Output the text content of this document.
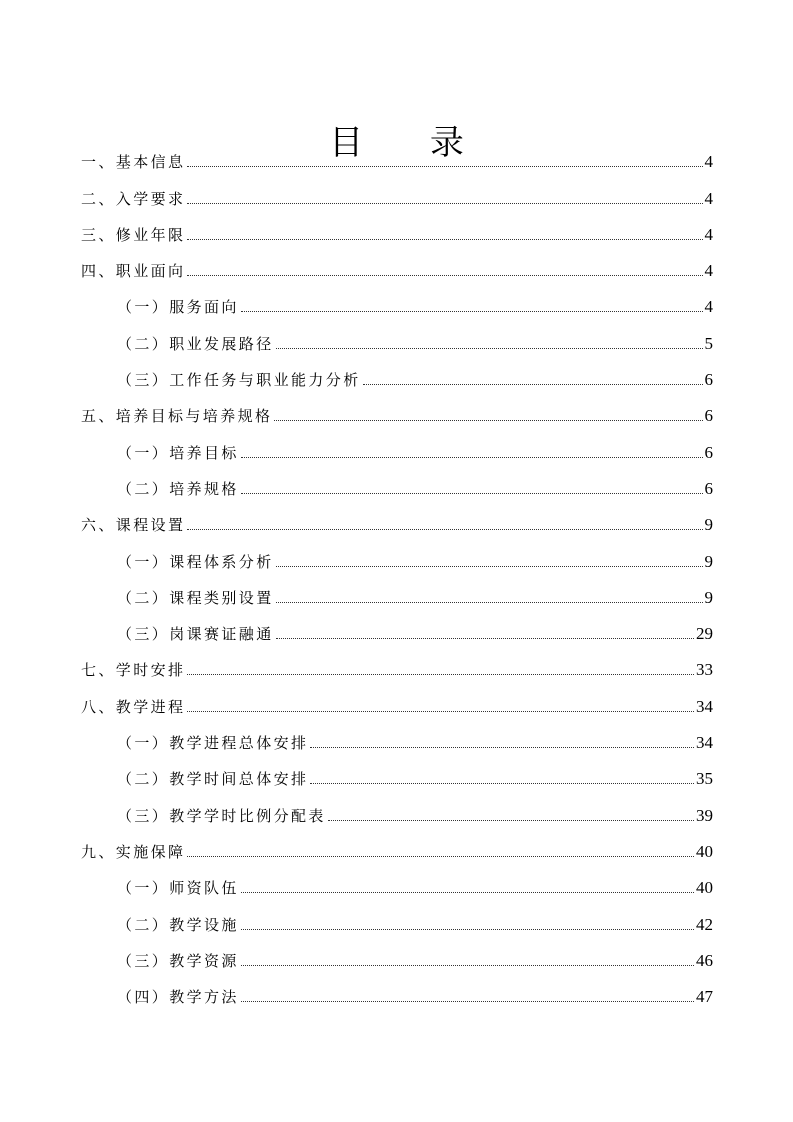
目 录
一、基本信息	4
二、入学要求	4
三、修业年限	4
四、职业面向	4
（一）服务面向	4
（二）职业发展路径	5
（三）工作任务与职业能力分析	6
五、培养目标与培养规格	6
（一）培养目标	6
（二）培养规格	6
六、课程设置	9
（一）课程体系分析	9
（二）课程类别设置	9
（三）岗课赛证融通	29
七、学时安排	33
八、教学进程	34
（一）教学进程总体安排	34
（二）教学时间总体安排	35
（三）教学学时比例分配表	39
九、实施保障	40
（一）师资队伍	40
（二）教学设施	42
（三）教学资源	46
（四）教学方法	47
